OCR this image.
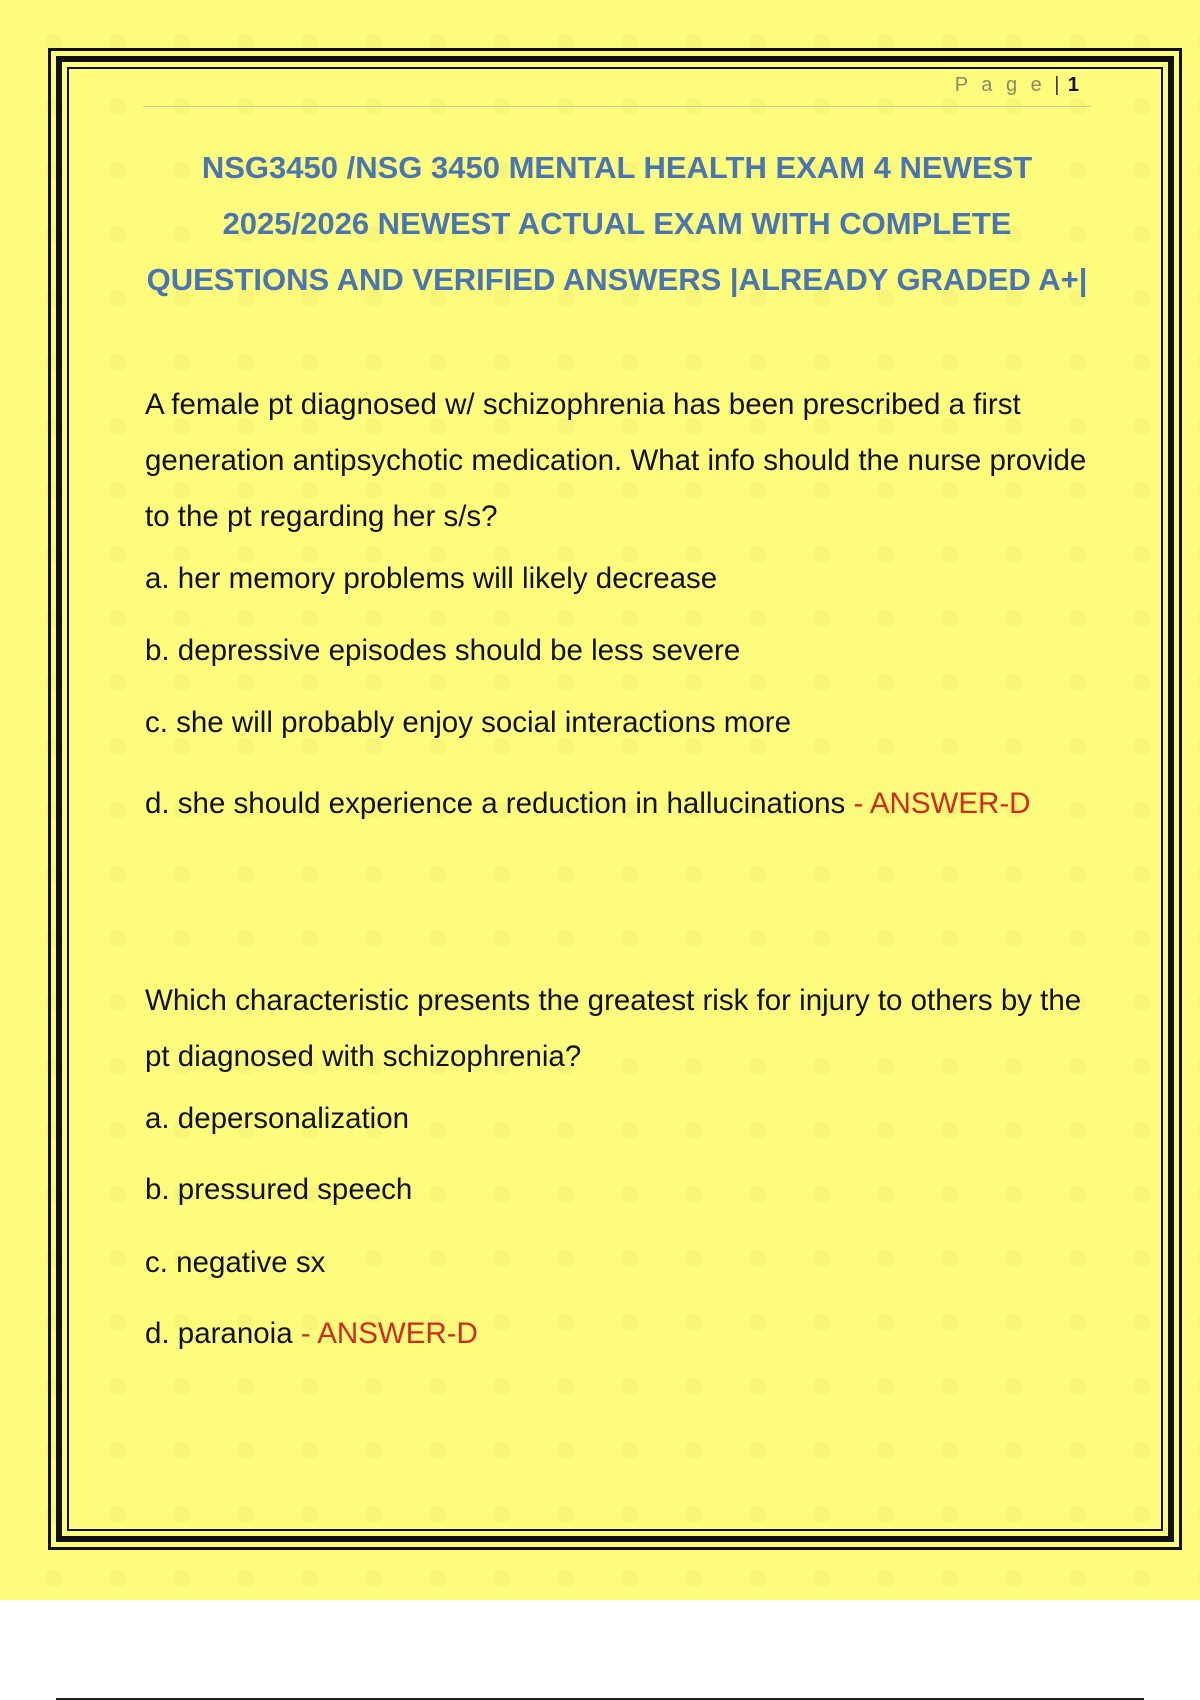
P a g e | 1

NSG3450 /NSG 3450 MENTAL HEALTH EXAM 4 NEWEST 2025/2026 NEWEST ACTUAL EXAM WITH COMPLETE QUESTIONS AND VERIFIED ANSWERS |ALREADY GRADED A+|

A female pt diagnosed w/ schizophrenia has been prescribed a first generation antipsychotic medication. What info should the nurse provide to the pt regarding her s/s?

a. her memory problems will likely decrease

b. depressive episodes should be less severe

c. she will probably enjoy social interactions more

d. she should experience a reduction in hallucinations - ANSWER-D

Which characteristic presents the greatest risk for injury to others by the pt diagnosed with schizophrenia?

a. depersonalization

b. pressured speech

c. negative sx

d. paranoia - ANSWER-D
